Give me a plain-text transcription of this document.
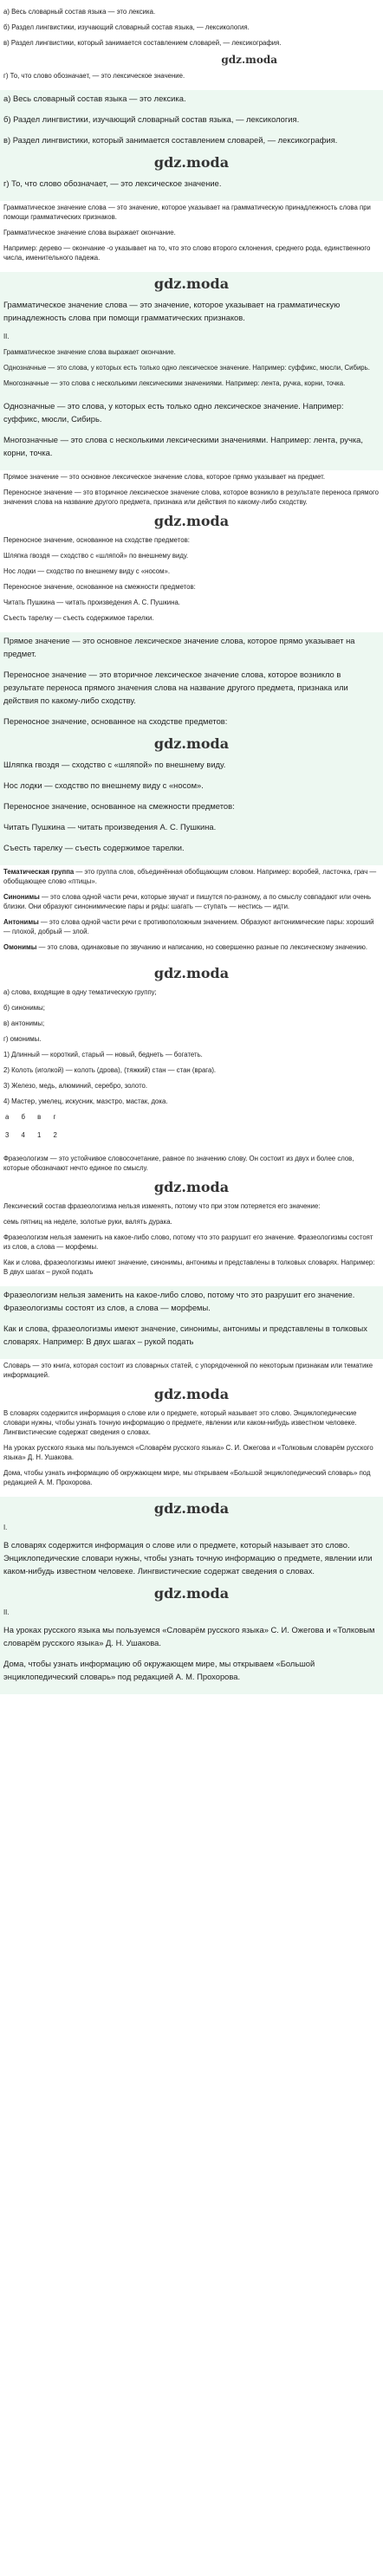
а) Весь словарный состав языка — это лексика.

б) Раздел лингвистики, изучающий словарный состав языка, — лексикология.

в) Раздел лингвистики, который занимается составлением словарей, — лексикография.

gdz.moda

г) То, что слово обозначает, — это лексическое значение.

а) Весь словарный состав языка — это лексика.

б) Раздел лингвистики, изучающий словарный состав языка, — лексикология.

в) Раздел лингвистики, который занимается составлением словарей, — лексикография.

gdz.moda

г) То, что слово обозначает, — это лексическое значение.

Грамматическое значение слова — это значение, которое указывает на грамматическую принадлежность слова при помощи грамматических признаков.

Грамматическое значение слова выражает окончание.

Например: дерево — окончание -о указывает на то, что это слово второго склонения, среднего рода, единственного числа, именительного падежа.

gdz.moda

Грамматическое значение слова — это значение, которое указывает на грамматическую принадлежность слова при помощи грамматических признаков.

II.

Грамматическое значение слова выражает окончание.

Однозначные — это слова, у которых есть только одно лексическое значение. Например: суффикс, мюсли, Сибирь.

Многозначные — это слова с несколькими лексическими значениями. Например: лента, ручка, корни, точка.

Однозначные — это слова, у которых есть только одно лексическое значение. Например: суффикс, мюсли, Сибирь.

Многозначные — это слова с несколькими лексическими значениями. Например: лента, ручка, корни, точка.

Прямое значение — это основное лексическое значение слова, которое прямо указывает на предмет.

Переносное значение — это вторичное лексическое значение слова, которое возникло в результате переноса прямого значения слова на название другого предмета, признака или действия по какому-либо сходству.

gdz.moda

Переносное значение, основанное на сходстве предметов:

Шляпка гвоздя — сходство с «шляпой» по внешнему виду.

Нос лодки — сходство по внешнему виду с «носом».

Переносное значение, основанное на смежности предметов:

Читать Пушкина — читать произведения А. С. Пушкина.

Съесть тарелку — съесть содержимое тарелки.

Прямое значение — это основное лексическое значение слова, которое прямо указывает на предмет.

Переносное значение — это вторичное лексическое значение слова, которое возникло в результате переноса прямого значения слова на название другого предмета, признака или действия по какому-либо сходству.

Переносное значение, основанное на сходстве предметов:

gdz.moda

Шляпка гвоздя — сходство с «шляпой» по внешнему виду.

Нос лодки — сходство по внешнему виду с «носом».

Переносное значение, основанное на смежности предметов:

Читать Пушкина — читать произведения А. С. Пушкина.

Съесть тарелку — съесть содержимое тарелки.

Тематическая группа — это группа слов, объединённая обобщающим словом. Например: воробей, ласточка, грач — обобщающее слово «птицы».

Синонимы — это слова одной части речи, которые звучат и пишутся по-разному, а по смыслу совпадают или очень близки. Они образуют синонимические пары и ряды: шагать — ступать — нестись — идти.

Антонимы — это слова одной части речи с противоположным значением. Образуют антонимические пары: хороший — плохой, добрый — злой.

Омонимы — это слова, одинаковые по звучанию и написанию, но совершенно разные по лексическому значению.

gdz.moda

а) слова, входящие в одну тематическую группу;

б) синонимы;

в) антонимы;

г) омонимы.

1) Длинный — короткий, старый — новый, беднеть — богатеть.

2) Колоть (иголкой) — колоть (дрова), (тяжкий) стан — стан (врага).

3) Железо, медь, алюминий, серебро, золото.

4) Мастер, умелец, искусник, маэстро, мастак, дока.

а б в г
3 4 1 2

Фразеологизм — это устойчивое словосочетание, равное по значению слову. Он состоит из двух и более слов, которые обозначают нечто единое по смыслу.

gdz.moda

Лексический состав фразеологизма нельзя изменять, потому что при этом потеряется его значение:

семь пятниц на неделе, золотые руки, валять дурака.

Фразеологизм нельзя заменить на какое-либо слово, потому что это разрушит его значение. Фразеологизмы состоят из слов, а слова — морфемы.

Как и слова, фразеологизмы имеют значение, синонимы, антонимы и представлены в толковых словарях. Например: В двух шагах – рукой подать

Фразеологизм нельзя заменить на какое-либо слово, потому что это разрушит его значение. Фразеологизмы состоят из слов, а слова — морфемы.

Как и слова, фразеологизмы имеют значение, синонимы, антонимы и представлены в толковых словарях. Например: В двух шагах – рукой подать

Словарь — это книга, которая состоит из словарных статей, с упорядоченной по некоторым признакам или тематике информацией.

gdz.moda

В словарях содержится информация о слове или о предмете, который называет это слово. Энциклопедические словари нужны, чтобы узнать точную информацию о предмете, явлении или каком-нибудь известном человеке. Лингвистические содержат сведения о словах.

На уроках русского языка мы пользуемся «Словарём русского языка» С. И. Ожегова и «Толковым словарём русского языка» Д. Н. Ушакова.

Дома, чтобы узнать информацию об окружающем мире, мы открываем «Большой энциклопедический словарь» под редакцией А. М. Прохорова.

gdz.moda

I.

В словарях содержится информация о слове или о предмете, который называет это слово. Энциклопедические словари нужны, чтобы узнать точную информацию о предмете, явлении или каком-нибудь известном человеке. Лингвистические содержат сведения о словах.

gdz.moda

II.

На уроках русского языка мы пользуемся «Словарём русского языка» С. И. Ожегова и «Толковым словарём русского языка» Д. Н. Ушакова.

Дома, чтобы узнать информацию об окружающем мире, мы открываем «Большой энциклопедический словарь» под редакцией А. М. Прохорова.
